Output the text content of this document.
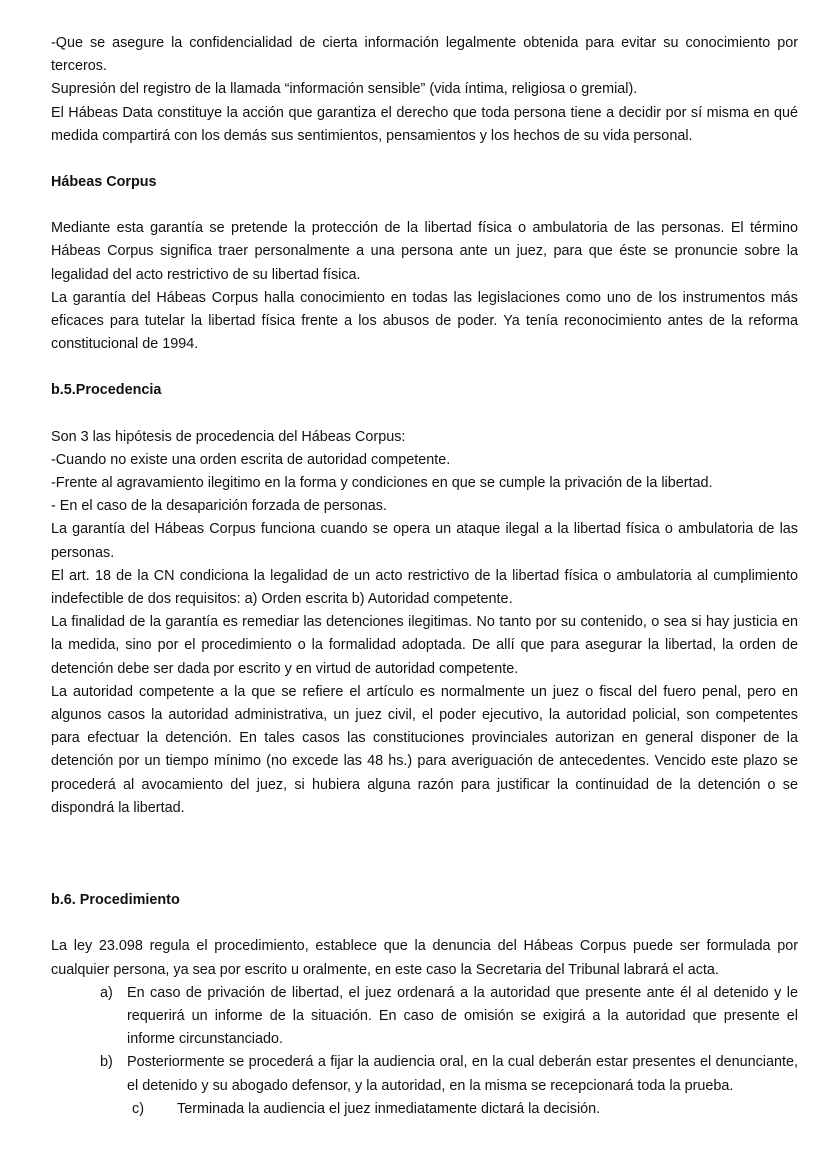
-Que se asegure la confidencialidad de cierta información legalmente obtenida para evitar su conocimiento por terceros.

Supresión del registro de la llamada “información sensible” (vida íntima, religiosa o gremial).

El Hábeas Data constituye la acción que garantiza el derecho que toda persona tiene a decidir por sí misma en qué medida compartirá con los demás sus sentimientos, pensamientos y los hechos de su vida personal.

Hábeas Corpus

Mediante esta garantía se pretende la protección de la libertad física o ambulatoria de las personas. El término Hábeas Corpus significa traer personalmente a una persona ante un juez, para que éste se pronuncie sobre la legalidad del acto restrictivo de su libertad física.

La garantía del Hábeas Corpus halla conocimiento en todas las legislaciones como uno de los instrumentos más eficaces para tutelar la libertad física frente a los abusos de poder. Ya tenía reconocimiento antes de la reforma constitucional de 1994.

b.5.Procedencia

Son 3 las hipótesis de procedencia del Hábeas Corpus:

-Cuando no existe una orden escrita de autoridad competente.

-Frente al agravamiento ilegitimo en la forma y condiciones en que se cumple la privación de la libertad.

- En el caso de la desaparición forzada de personas.

La garantía del Hábeas Corpus funciona cuando se opera un ataque ilegal a la libertad física o ambulatoria de las personas.

El art. 18 de la CN condiciona la legalidad de un acto restrictivo de la libertad física o ambulatoria al cumplimiento indefectible de dos requisitos: a) Orden escrita b) Autoridad competente.

La finalidad de la garantía es remediar las detenciones ilegitimas. No tanto por su contenido, o sea si hay justicia en la medida, sino por el procedimiento o la formalidad adoptada. De allí que para asegurar la libertad, la orden de detención debe ser dada por escrito y en virtud de autoridad competente.

La autoridad competente a la que se refiere el artículo es normalmente un juez o fiscal del fuero penal, pero en algunos casos la autoridad administrativa, un juez civil, el poder ejecutivo, la autoridad policial, son competentes para efectuar la detención. En tales casos las constituciones provinciales autorizan en general disponer de la detención por un tiempo mínimo (no excede las 48 hs.) para averiguación de antecedentes. Vencido este plazo se procederá al avocamiento del juez, si hubiera alguna razón para justificar la continuidad de la detención o se dispondrá la libertad.

b.6. Procedimiento

La ley 23.098 regula el procedimiento, establece que la denuncia del Hábeas Corpus puede ser formulada por cualquier persona, ya sea por escrito u oralmente, en este caso la Secretaria del Tribunal labrará el acta.

a) En caso de privación de libertad, el juez ordenará a la autoridad que presente ante él al detenido y le requerirá un informe de la situación. En caso de omisión se exigirá a la autoridad que presente el informe circunstanciado.
b) Posteriormente se procederá a fijar la audiencia oral, en la cual deberán estar presentes el denunciante, el detenido y su abogado defensor, y la autoridad, en la misma se recepcionará toda la prueba.

c) Terminada la audiencia el juez inmediatamente dictará la decisión.
